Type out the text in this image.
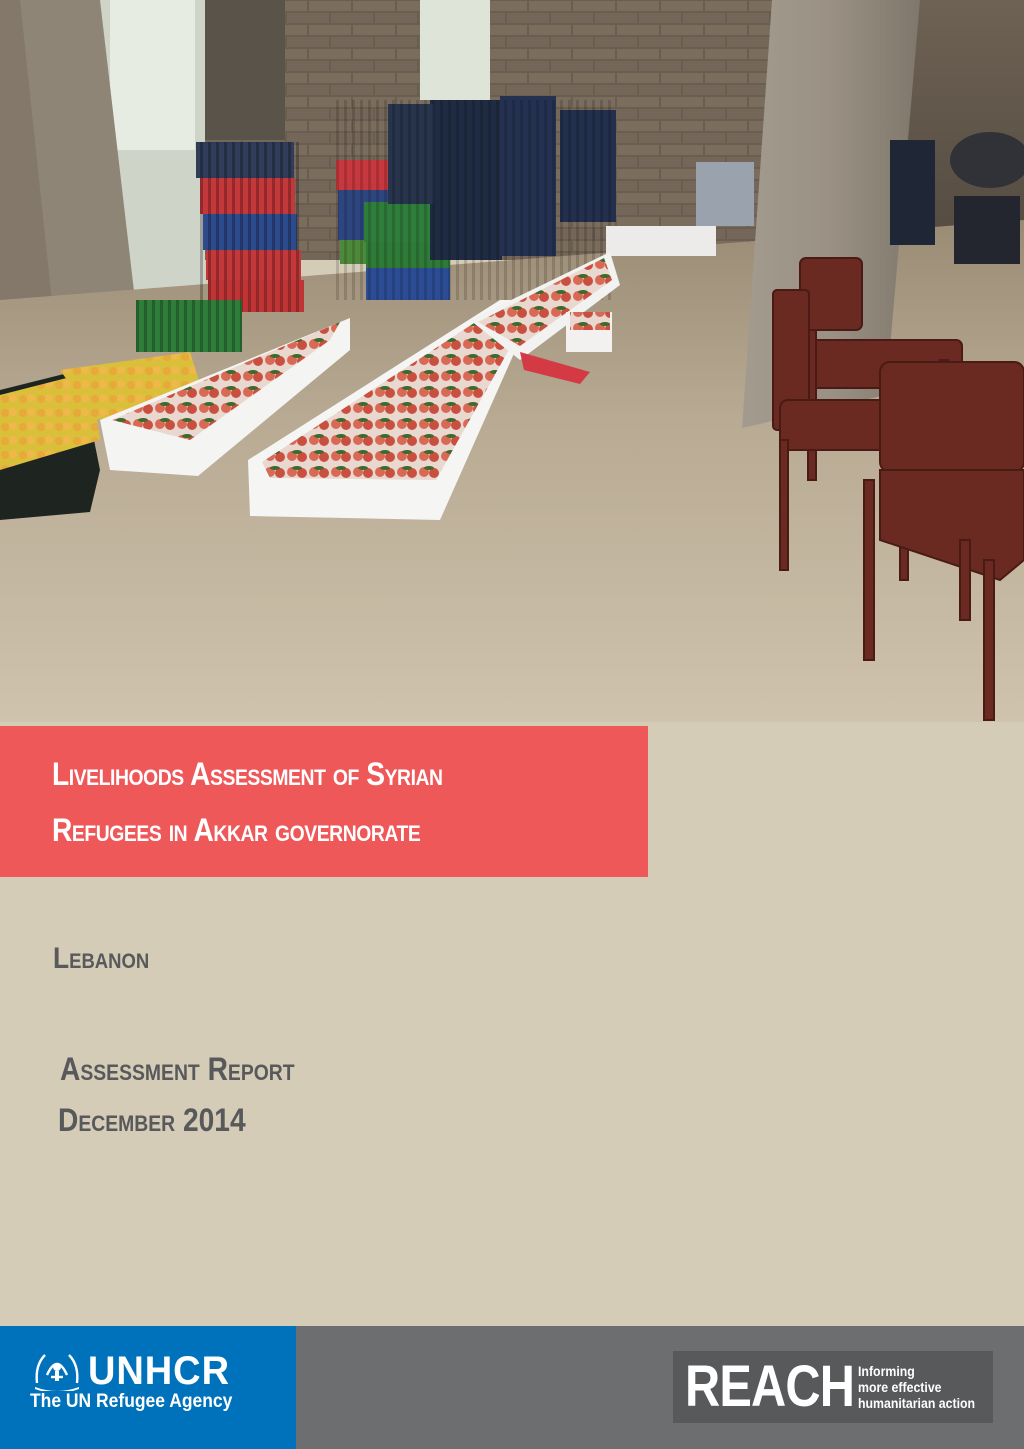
Livelihoods Assessment of Syrian
Refugees in Akkar governorate
Lebanon
Assessment Report
December 2014
UNHCR
The UN Refugee Agency	REACH Informing
more effective
humanitarian action
